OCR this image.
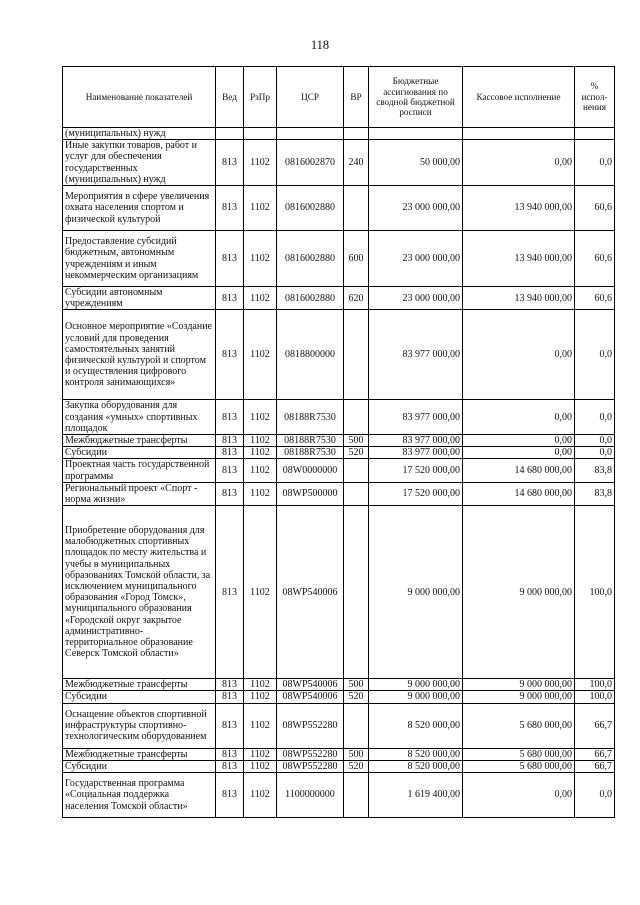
118
Наименование показателей	Вед	РзПр	ЦСР	ВР	Бюджетные ассигнования по сводной бюджетной росписи	Кассовое исполнение	% испол-нения
(муниципальных) нужд							
Иные закупки товаров, работ и услуг для обеспечения государственных (муниципальных) нужд	813	1102	0816002870	240	50 000,00	0,00	0,0
Мероприятия в сфере увеличения охвата населения спортом и физической культурой	813	1102	0816002880		23 000 000,00	13 940 000,00	60,6
Предоставление субсидий бюджетным, автономным учреждениям и иным некоммерческим организациям	813	1102	0816002880	600	23 000 000,00	13 940 000,00	60,6
Субсидии автономным учреждениям	813	1102	0816002880	620	23 000 000,00	13 940 000,00	60,6
Основное мероприятие «Создание условий для проведения самостоятельных занятий физической культурой и спортом и осуществления цифрового контроля занимающихся»	813	1102	0818800000		83 977 000,00	0,00	0,0
Закупка оборудования для создания «умных» спортивных площадок	813	1102	08188R7530		83 977 000,00	0,00	0,0
Межбюджетные трансферты	813	1102	08188R7530	500	83 977 000,00	0,00	0,0
Субсидии	813	1102	08188R7530	520	83 977 000,00	0,00	0,0
Проектная часть государственной программы	813	1102	08W0000000		17 520 000,00	14 680 000,00	83,8
Региональный проект «Спорт - норма жизни»	813	1102	08WP500000		17 520 000,00	14 680 000,00	83,8
Приобретение оборудования для малобюджетных спортивных площадок по месту жительства и учебы в муниципальных образованиях Томской области, за исключением муниципального образования «Город Томск», муниципального образования «Городской округ закрытое административно-территориальное образование Северск Томской области»	813	1102	08WP540006		9 000 000,00	9 000 000,00	100,0
Межбюджетные трансферты	813	1102	08WP540006	500	9 000 000,00	9 000 000,00	100,0
Субсидии	813	1102	08WP540006	520	9 000 000,00	9 000 000,00	100,0
Оснащение объектов спортивной инфраструктуры спортивно-технологическим оборудованием	813	1102	08WP552280		8 520 000,00	5 680 000,00	66,7
Межбюджетные трансферты	813	1102	08WP552280	500	8 520 000,00	5 680 000,00	66,7
Субсидии	813	1102	08WP552280	520	8 520 000,00	5 680 000,00	66,7
Государственная программа «Социальная поддержка населения Томской области»	813	1102	1100000000		1 619 400,00	0,00	0,0
